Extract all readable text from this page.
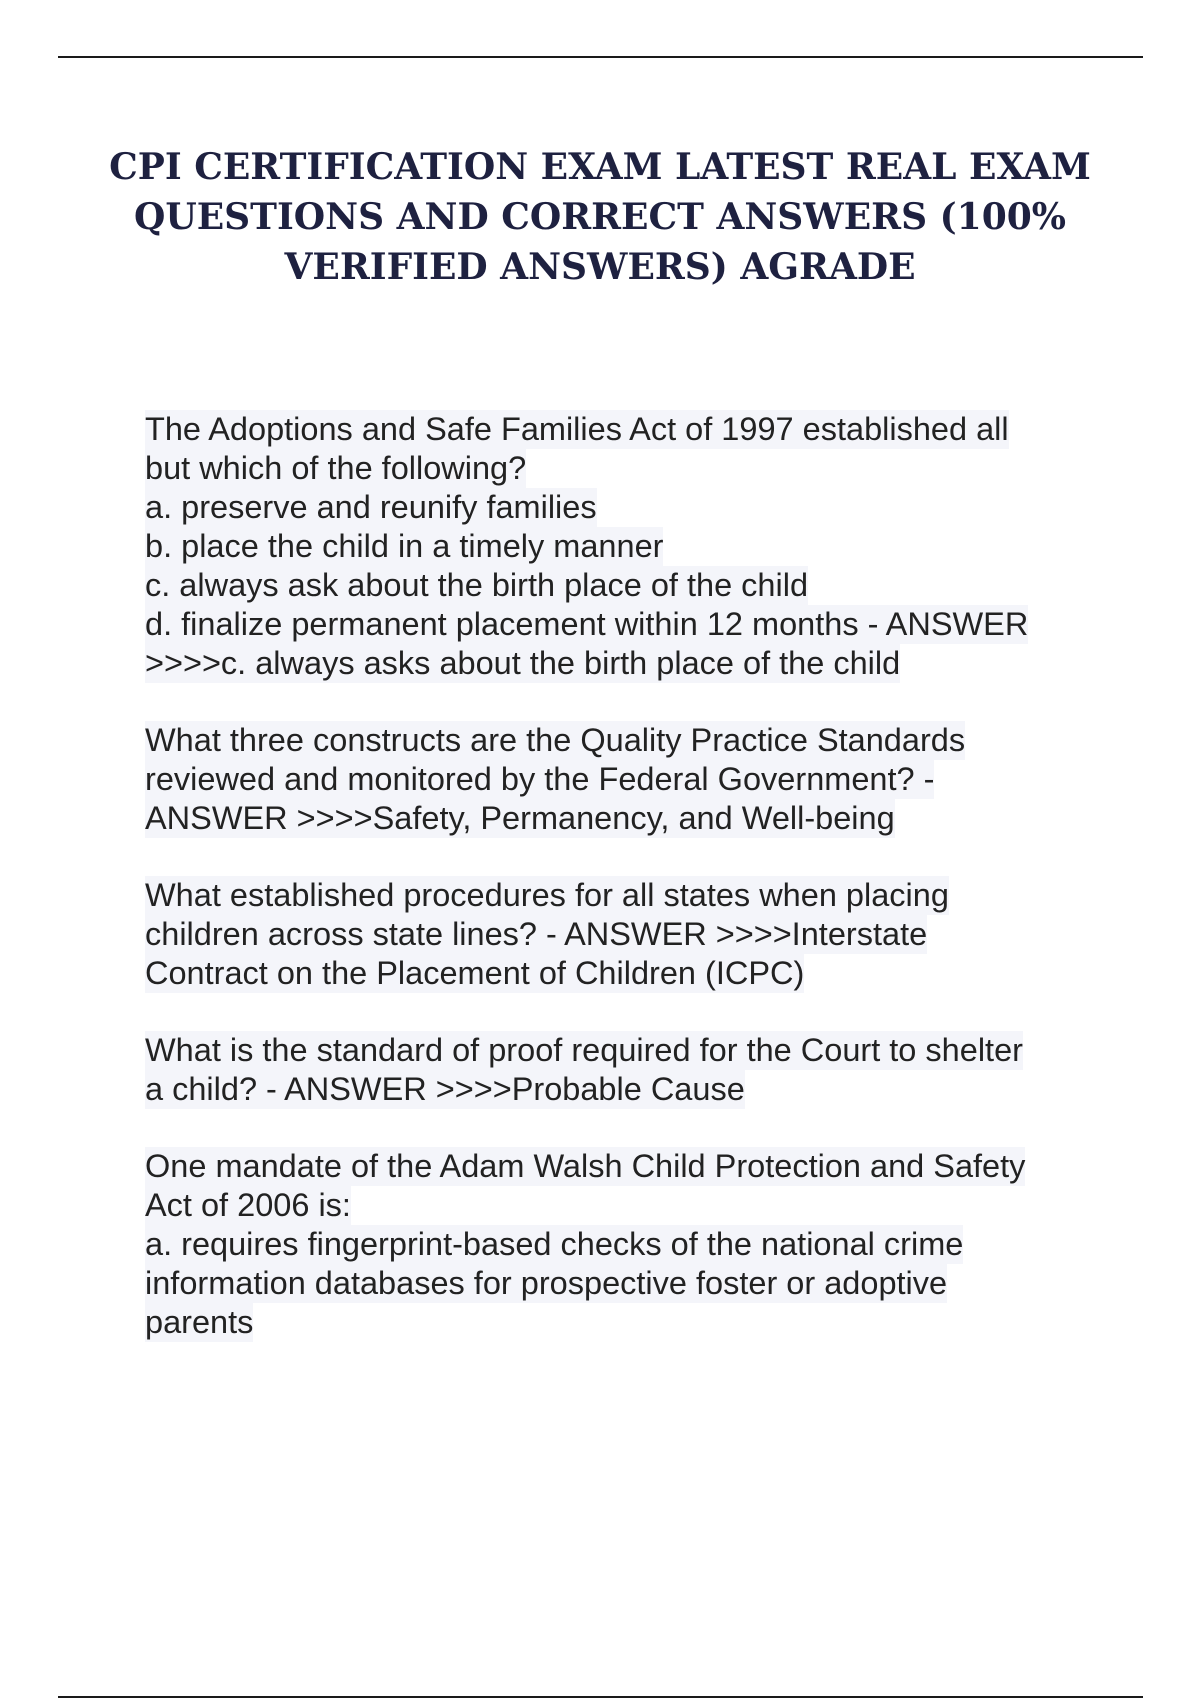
CPI CERTIFICATION EXAM LATEST REAL EXAM
QUESTIONS AND CORRECT ANSWERS (100%
VERIFIED ANSWERS) AGRADE
The Adoptions and Safe Families Act of 1997 established all
but which of the following?
a. preserve and reunify families
b. place the child in a timely manner
c. always ask about the birth place of the child
d. finalize permanent placement within 12 months - ANSWER
>>>>c. always asks about the birth place of the child
What three constructs are the Quality Practice Standards
reviewed and monitored by the Federal Government? -
ANSWER >>>>Safety, Permanency, and Well-being
What established procedures for all states when placing
children across state lines? - ANSWER >>>>Interstate
Contract on the Placement of Children (ICPC)
What is the standard of proof required for the Court to shelter
a child? - ANSWER >>>>Probable Cause
One mandate of the Adam Walsh Child Protection and Safety
Act of 2006 is:
a. requires fingerprint-based checks of the national crime
information databases for prospective foster or adoptive
parents
